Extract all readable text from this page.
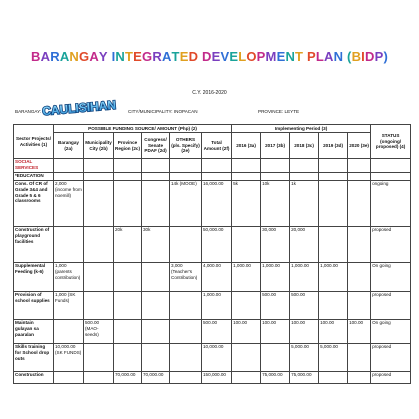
BARANGAY INTEGRATED DEVELOPMENT PLAN (BIDP)
C.Y. 2016-2020
BARANGAY: CAULISIHAN CITY/MUNICIPALITY: INOPACAN	PROVINCE: LEYTE
Sector Projects/ Activities (1)	POSSIBLE FUNDING SOURCE/ AMOUNT (Php) (2)						Implementing Period (3)					STATUS (ongoing/ proposed) (4)
	Barangay (2a)	Municipality City (2b)	Province Region (2c)	Congress/ Senate PDAF (2d)	OTHERS (pls. Specify) (2e)	Total Amount (2f)	2016 (3a)	2017 (3b)	2018 (3c)	2019 (3d)	2020 (3e)	
SOCIAL SERVICES												
*EDUCATION												
Cons. Of CR of Grade 3&4 and Grade 5 & 6 classrooms	2,000 (income from noemill)				14k (MOOE)	16,000.00	5k	10k	1k			ongoing
Construction of playground facilities			20k	30k		50,000.00		30,000	20,000			proposed
Supplemental Feeding (k-6)	1,000 (parents contribution)				3,000 (Teacher's Contribution)	4,000.00	1,000.00	1,000.00	1,000.00	1,000.00		On going
Provision of school supplies	1,000 (SK Funds)					1,000.00		500.00	500.00			proposed
Maintain gulayan sa paaralan		500.00 (MAO-seeds)				500.00	100.00	100.00	100.00	100.00	100.00	On going
Skills training for School drop outs	10,000.00 (SK FUNDS)					10,000.00			5,000.00	5,000.00		proposed
Construction			70,000.00	70,000.00		150,000.00		75,000.00	75,000.00			proposed
